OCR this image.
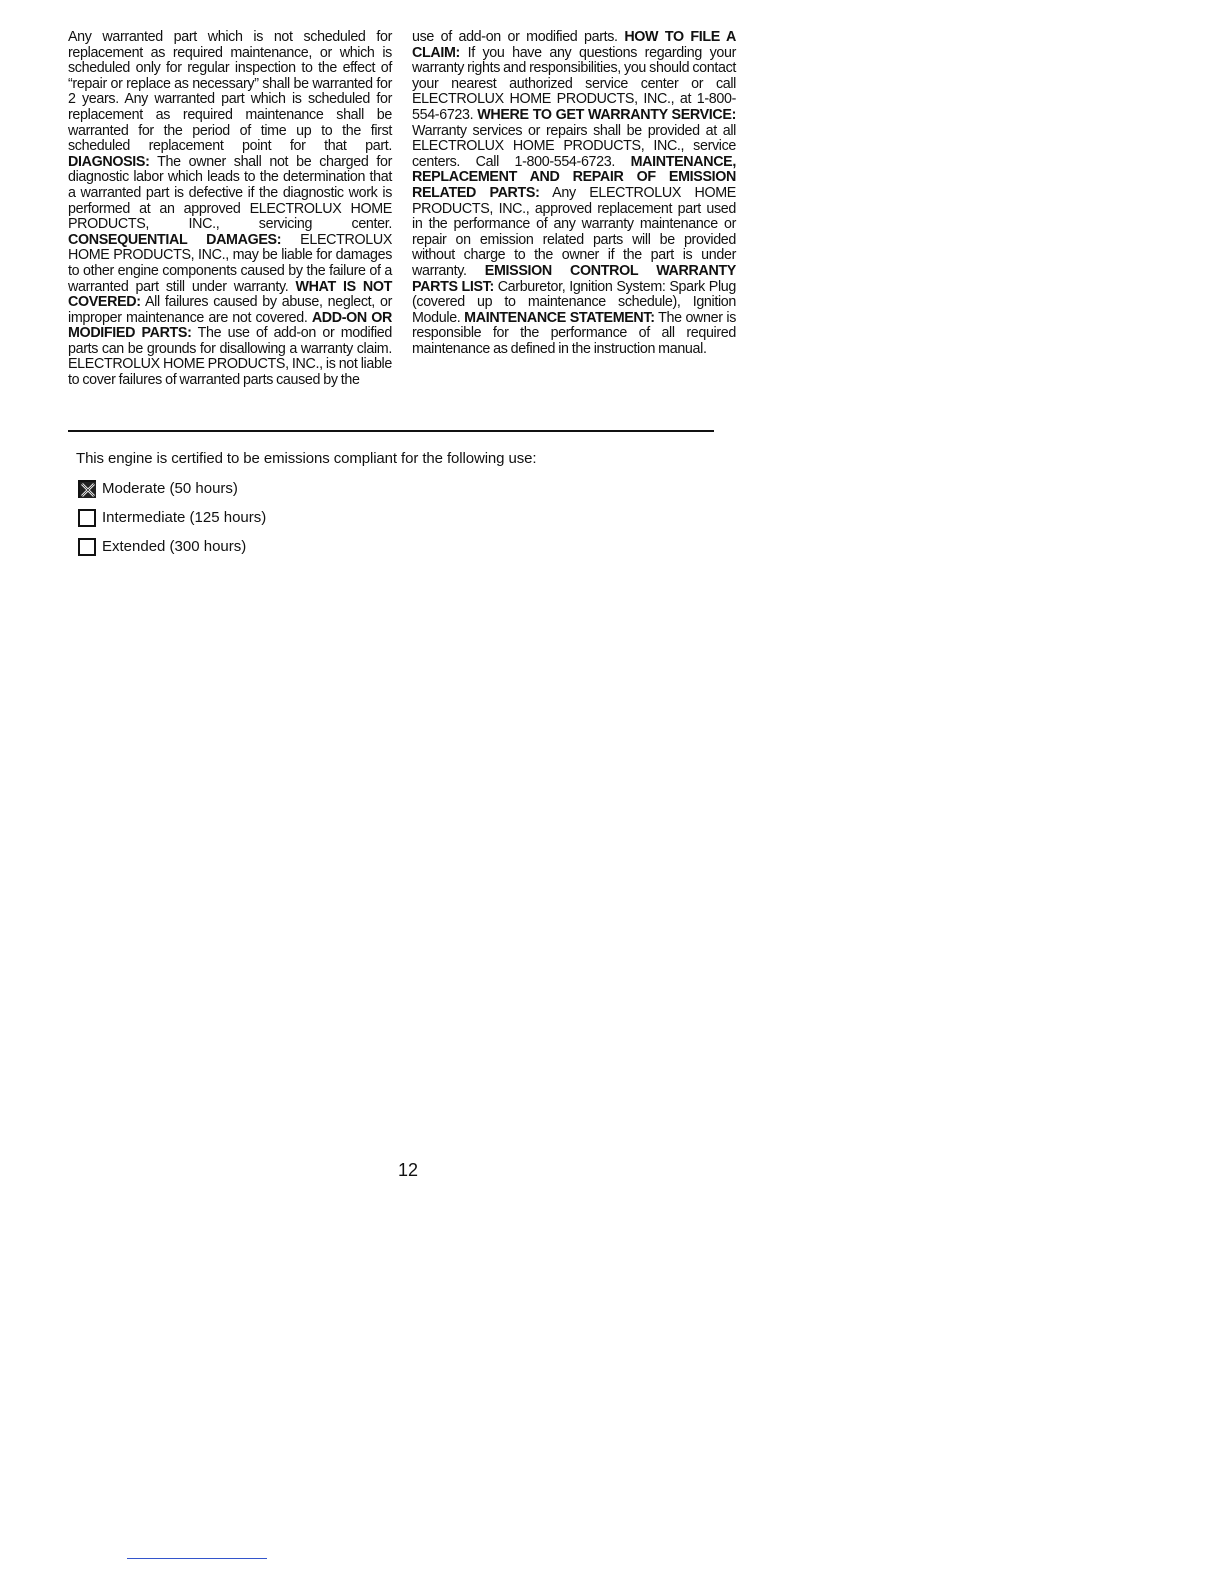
Any warranted part which is not scheduled for replacement as required maintenance, or which is scheduled only for regular inspection to the effect of “repair or replace as necessary” shall be warranted for 2 years. Any warranted part which is scheduled for replacement as required maintenance shall be warranted for the period of time up to the first scheduled replacement point for that part. DIAGNOSIS: The owner shall not be charged for diagnostic labor which leads to the determination that a warranted part is defective if the diagnostic work is performed at an approved ELECTROLUX HOME PRODUCTS, INC., servicing center. CONSEQUENTIAL DAMAGES: ELECTROLUX HOME PRODUCTS, INC., may be liable for damages to other engine components caused by the failure of a warranted part still under warranty. WHAT IS NOT COVERED: All failures caused by abuse, neglect, or improper maintenance are not covered. ADD-ON OR MODIFIED PARTS: The use of add-on or modified parts can be grounds for disallowing a warranty claim. ELECTROLUX HOME PRODUCTS, INC., is not liable to cover failures of warranted parts caused by the

use of add-on or modified parts. HOW TO FILE A CLAIM: If you have any questions regarding your warranty rights and responsibilities, you should contact your nearest authorized service center or call ELECTROLUX HOME PRODUCTS, INC., at 1-800-554-6723. WHERE TO GET WARRANTY SERVICE: Warranty services or repairs shall be provided at all ELECTROLUX HOME PRODUCTS, INC., service centers. Call 1-800-554-6723. MAINTENANCE, REPLACEMENT AND REPAIR OF EMISSION RELATED PARTS: Any ELECTROLUX HOME PRODUCTS, INC., approved replacement part used in the performance of any warranty maintenance or repair on emission related parts will be provided without charge to the owner if the part is under warranty. EMISSION CONTROL WARRANTY PARTS LIST: Carburetor, Ignition System: Spark Plug (covered up to maintenance schedule), Ignition Module. MAINTENANCE STATEMENT: The owner is responsible for the performance of all required maintenance as defined in the instruction manual.

This engine is certified to be emissions compliant for the following use:
Moderate (50 hours)
Intermediate (125 hours)
Extended (300 hours)
12
